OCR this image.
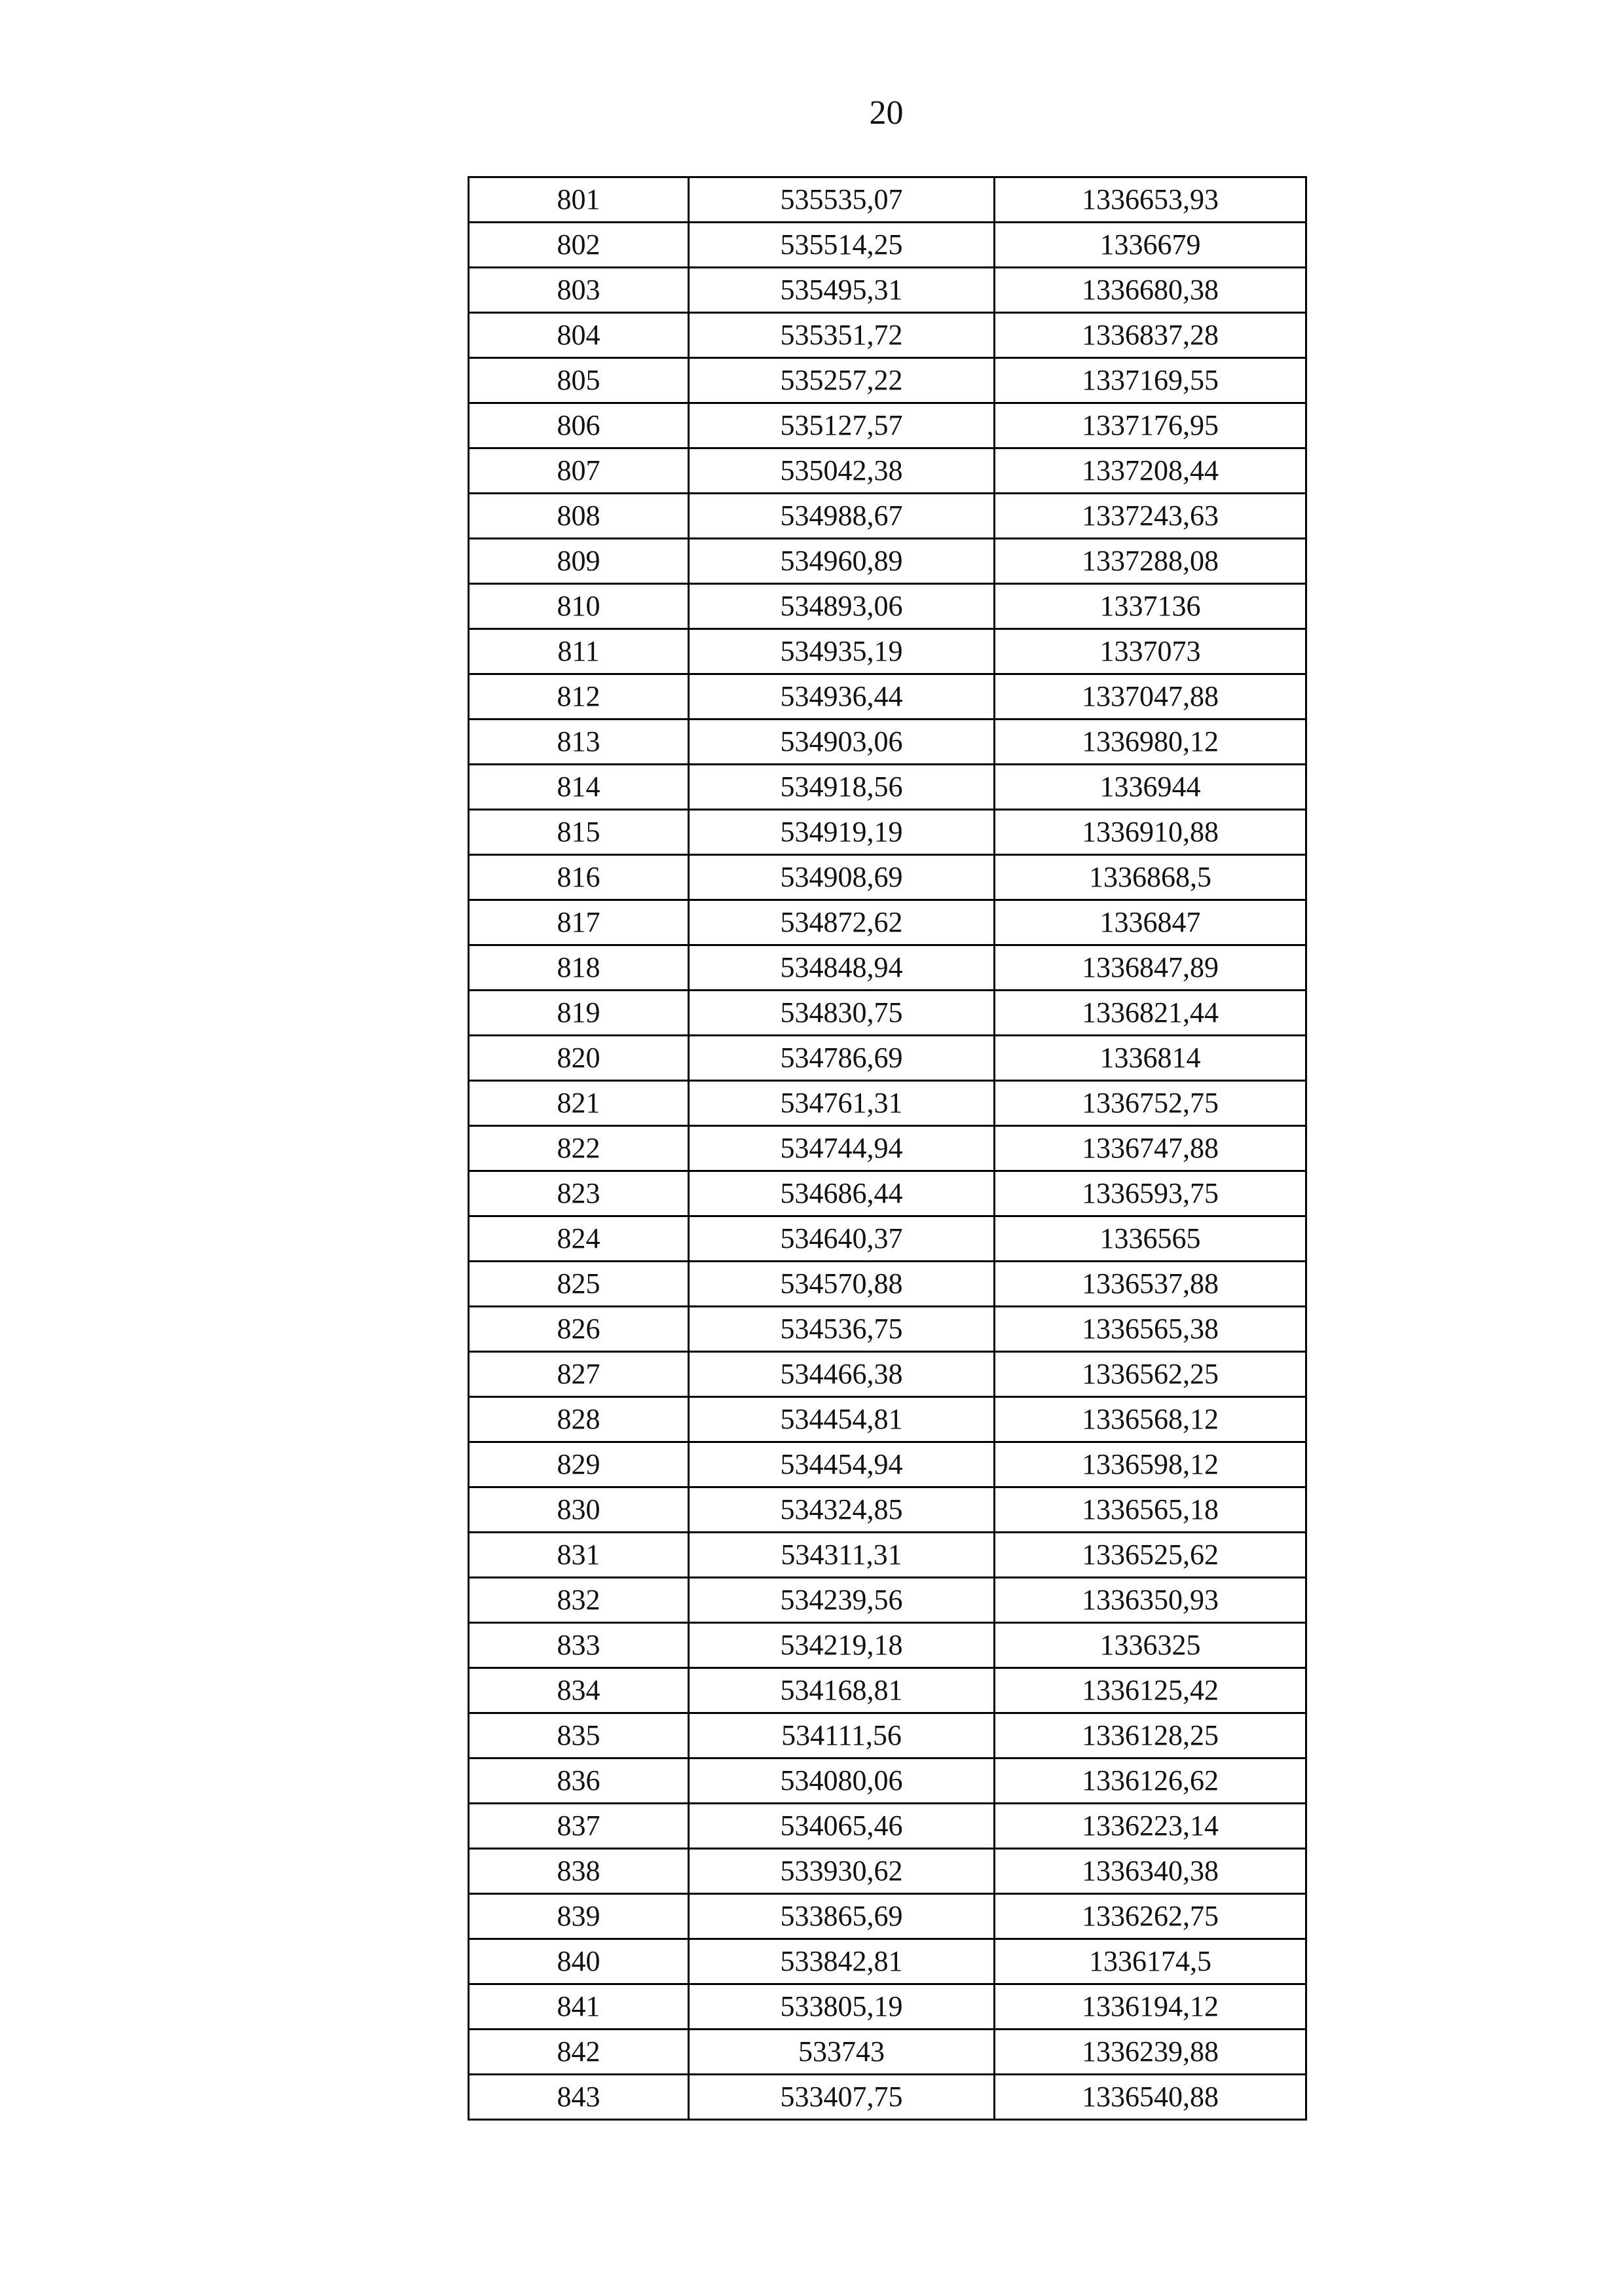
20
801	535535,07	1336653,93
802	535514,25	1336679
803	535495,31	1336680,38
804	535351,72	1336837,28
805	535257,22	1337169,55
806	535127,57	1337176,95
807	535042,38	1337208,44
808	534988,67	1337243,63
809	534960,89	1337288,08
810	534893,06	1337136
811	534935,19	1337073
812	534936,44	1337047,88
813	534903,06	1336980,12
814	534918,56	1336944
815	534919,19	1336910,88
816	534908,69	1336868,5
817	534872,62	1336847
818	534848,94	1336847,89
819	534830,75	1336821,44
820	534786,69	1336814
821	534761,31	1336752,75
822	534744,94	1336747,88
823	534686,44	1336593,75
824	534640,37	1336565
825	534570,88	1336537,88
826	534536,75	1336565,38
827	534466,38	1336562,25
828	534454,81	1336568,12
829	534454,94	1336598,12
830	534324,85	1336565,18
831	534311,31	1336525,62
832	534239,56	1336350,93
833	534219,18	1336325
834	534168,81	1336125,42
835	534111,56	1336128,25
836	534080,06	1336126,62
837	534065,46	1336223,14
838	533930,62	1336340,38
839	533865,69	1336262,75
840	533842,81	1336174,5
841	533805,19	1336194,12
842	533743	1336239,88
843	533407,75	1336540,88
